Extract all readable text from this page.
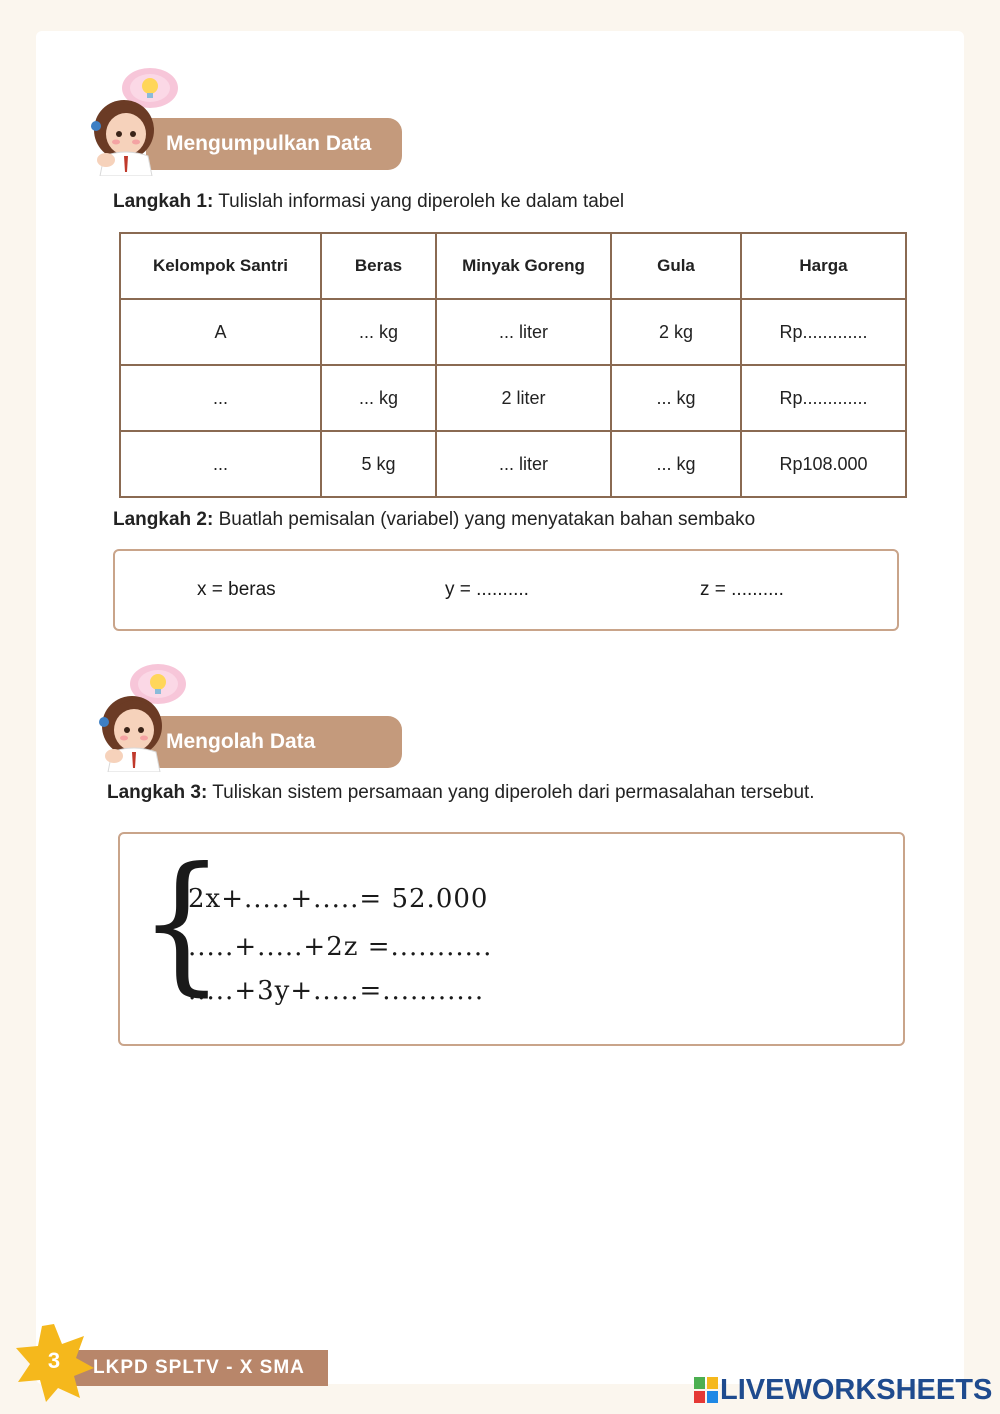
Mengumpulkan Data
Langkah 1: Tulislah informasi yang diperoleh ke dalam tabel
Kelompok Santri	Beras	Minyak Goreng	Gula	Harga
A	... kg	... liter	2 kg	Rp.............
...	... kg	2 liter	... kg	Rp.............
...	5 kg	... liter	... kg	Rp108.000
Langkah 2: Buatlah pemisalan (variabel) yang menyatakan bahan sembako
x = beras	y = ..........	z = ..........
Mengolah Data
Langkah 3: Tuliskan sistem persamaan yang diperoleh dari permasalahan tersebut.
{
2x+.....+.....= 52.000
.....+.....+2z =...........
.....+3y+.....=...........
LKPD SPLTV - X SMA
3
LIVEWORKSHEETS
